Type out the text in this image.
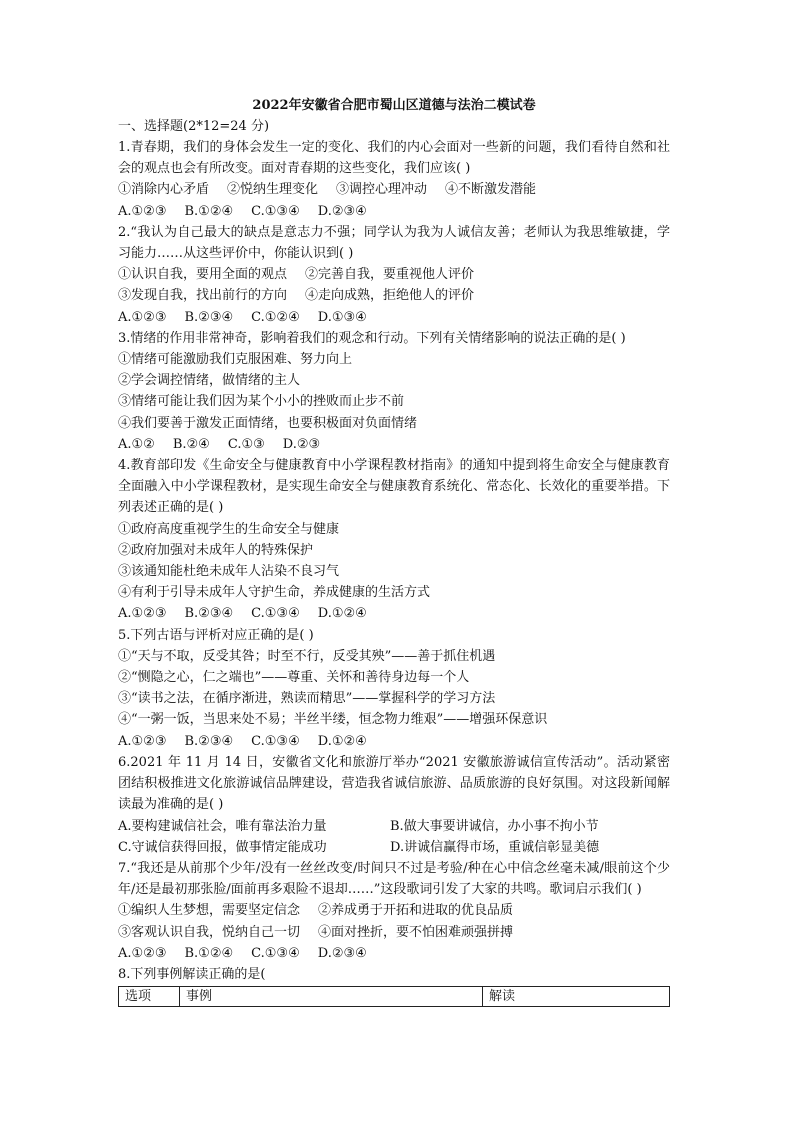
2022年安徽省合肥市蜀山区道德与法治二模试卷
一、选择题(2*12=24 分)
1.青春期，我们的身体会发生一定的变化、我们的内心会面对一些新的问题，我们看待自然和社会的观点也会有所改变。面对青春期的这些变化，我们应该( )
①消除内心矛盾 ②悦纳生理变化 ③调控心理冲动 ④不断激发潜能
A.①②③ B.①②④ C.①③④ D.②③④
2.“我认为自己最大的缺点是意志力不强；同学认为我为人诚信友善；老师认为我思维敏捷，学习能力……从这些评价中，你能认识到( )
①认识自我，要用全面的观点 ②完善自我，要重视他人评价
③发现自我，找出前行的方向 ④走向成熟，拒绝他人的评价
A.①②③ B.②③④ C.①②④ D.①③④
3.情绪的作用非常神奇，影响着我们的观念和行动。下列有关情绪影响的说法正确的是( )
①情绪可能激励我们克服困难、努力向上
②学会调控情绪，做情绪的主人
③情绪可能让我们因为某个小小的挫败而止步不前
④我们要善于激发正面情绪，也要积极面对负面情绪
A.①② B.②④ C.①③ D.②③
4.教育部印发《生命安全与健康教育中小学课程教材指南》的通知中提到将生命安全与健康教育全面融入中小学课程教材，是实现生命安全与健康教育系统化、常态化、长效化的重要举措。下列表述正确的是( )
①政府高度重视学生的生命安全与健康
②政府加强对未成年人的特殊保护
③该通知能杜绝未成年人沾染不良习气
④有利于引导未成年人守护生命，养成健康的生活方式
A.①②③ B.②③④ C.①③④ D.①②④
5.下列古语与评析对应正确的是( )
①“天与不取，反受其咎；时至不行，反受其殃”——善于抓住机遇
②“恻隐之心，仁之端也”——尊重、关怀和善待身边每一个人
③“读书之法，在循序渐进，熟读而精思”——掌握科学的学习方法
④“一粥一饭，当思来处不易；半丝半缕，恒念物力维艰”——增强环保意识
A.①②③ B.②③④ C.①③④ D.①②④
6.2021 年 11 月 14 日，安徽省文化和旅游厅举办“2021 安徽旅游诚信宣传活动”。活动紧密团结积极推进文化旅游诚信品牌建设，营造我省诚信旅游、品质旅游的良好氛围。对这段新闻解读最为准确的是( )
A.要构建诚信社会，唯有靠法治力量	B.做大事要讲诚信，办小事不拘小节
C.守诚信获得回报，做事情定能成功	D.讲诚信赢得市场，重诚信彰显美德
7.“我还是从前那个少年/没有一丝丝改变/时间只不过是考验/种在心中信念丝毫未减/眼前这个少年/还是最初那张脸/面前再多艰险不退却……”这段歌词引发了大家的共鸣。歌词启示我们( )
①编织人生梦想，需要坚定信念 ②养成勇于开拓和进取的优良品质
③客观认识自我，悦纳自己一切 ④面对挫折，要不怕困难顽强拼搏
A.①②③ B.①②④ C.①③④ D.②③④
8.下列事例解读正确的是(
选项	事例	解读
